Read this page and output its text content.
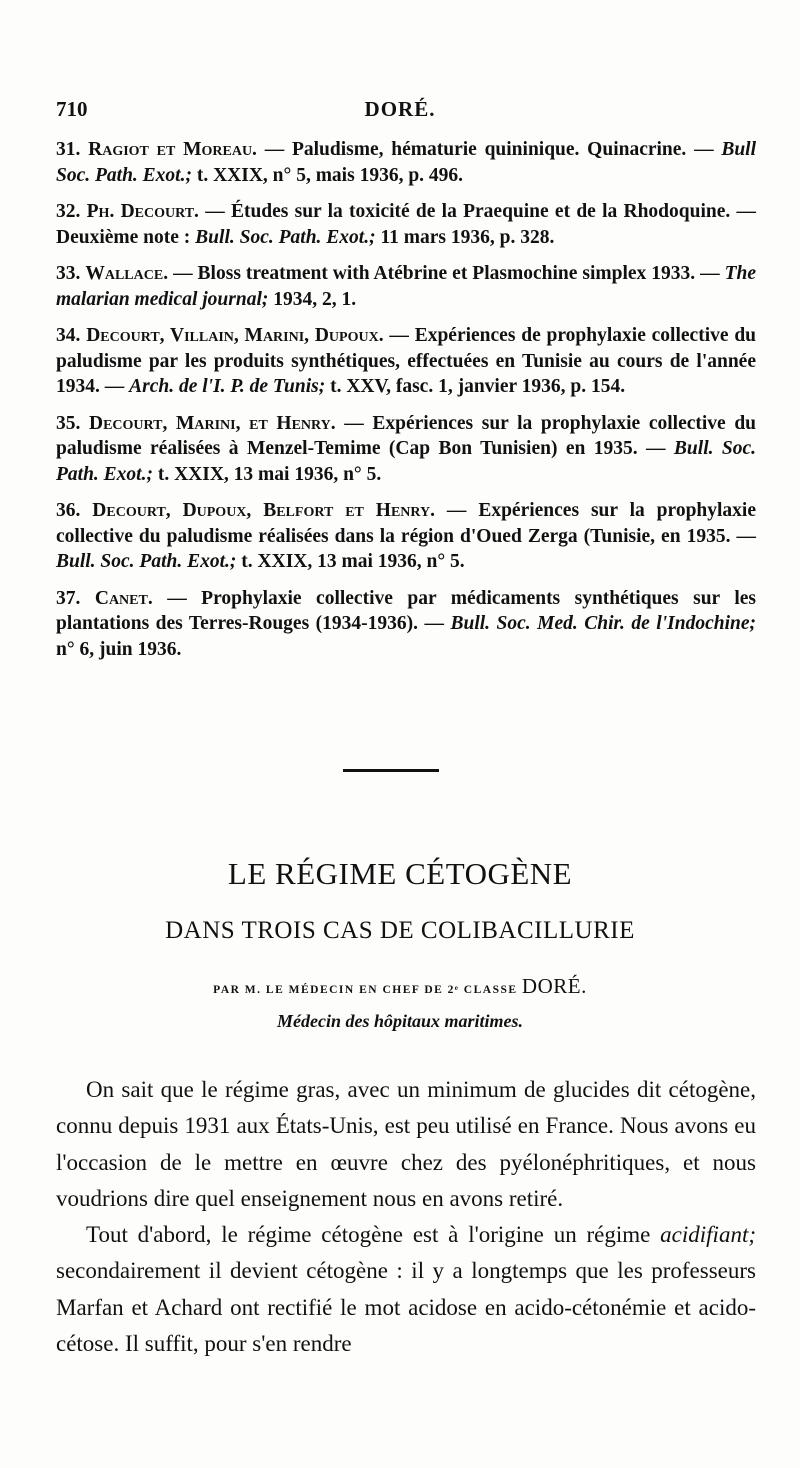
710	DORÉ.

31. Ragiot et Moreau. — Paludisme, hématurie quininique. Quinacrine. — Bull Soc. Path. Exot.; t. XXIX, n° 5, mais 1936, p. 496.

32. Ph. Decourt. — Études sur la toxicité de la Praequine et de la Rhodoquine. — Deuxième note : Bull. Soc. Path. Exot.; 11 mars 1936, p. 328.

33. Wallace. — Bloss treatment with Atébrine et Plasmochine simplex 1933. — The malarian medical journal; 1934, 2, 1.

34. Decourt, Villain, Marini, Dupoux. — Expériences de prophylaxie collective du paludisme par les produits synthétiques, effectuées en Tunisie au cours de l'année 1934. — Arch. de l'I. P. de Tunis; t. XXV, fasc. 1, janvier 1936, p. 154.

35. Decourt, Marini, et Henry. — Expériences sur la prophylaxie collective du paludisme réalisées à Menzel-Temime (Cap Bon Tunisien) en 1935. — Bull. Soc. Path. Exot.; t. XXIX, 13 mai 1936, n° 5.

36. Decourt, Dupoux, Belfort et Henry. — Expériences sur la prophylaxie collective du paludisme réalisées dans la région d'Oued Zerga (Tunisie, en 1935. — Bull. Soc. Path. Exot.; t. XXIX, 13 mai 1936, n° 5.

37. Canet. — Prophylaxie collective par médicaments synthétiques sur les plantations des Terres-Rouges (1934-1936). — Bull. Soc. Med. Chir. de l'Indochine; n° 6, juin 1936.

LE RÉGIME CÉTOGÈNE
DANS TROIS CAS DE COLIBACILLURIE
PAR M. LE MÉDECIN EN CHEF DE 2ᵉ CLASSE DORÉ.
Médecin des hôpitaux maritimes.

On sait que le régime gras, avec un minimum de glucides dit cétogène, connu depuis 1931 aux États-Unis, est peu utilisé en France. Nous avons eu l'occasion de le mettre en œuvre chez des pyélonéphritiques, et nous voudrions dire quel enseignement nous en avons retiré.

Tout d'abord, le régime cétogène est à l'origine un régime acidifiant; secondairement il devient cétogène : il y a longtemps que les professeurs Marfan et Achard ont rectifié le mot acidose en acido-cétonémie et acido-cétose. Il suffit, pour s'en rendre
